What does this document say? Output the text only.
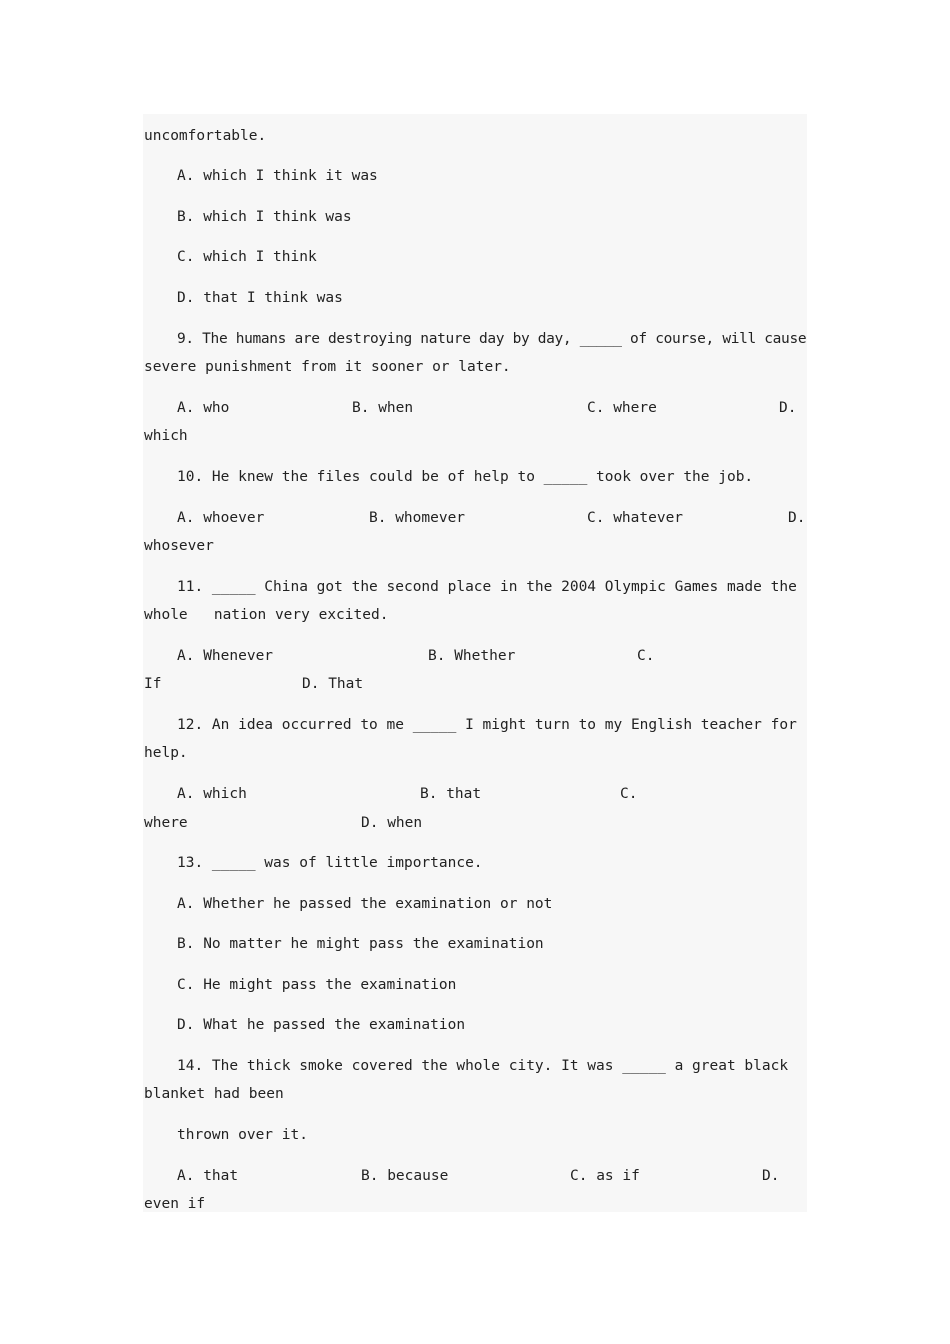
uncomfortable.

A. which I think it was

B. which I think was

C. which I think

D. that I think was

9. The humans are destroying nature day by day, _____ of course, will cause

severe punishment from it sooner or later.

A. who	B. when	C. where	D.

which

10. He knew the files could be of help to _____ took over the job.

A. whoever	B. whomever	C. whatever	D.

whosever

11. _____ China got the second place in the 2004 Olympic Games made the

whole   nation very excited.

A. Whenever	B. Whether	C.

If	D. That

12. An idea occurred to me _____ I might turn to my English teacher for

help.

A. which	B. that	C.

where	D. when

13. _____ was of little importance.

A. Whether he passed the examination or not

B. No matter he might pass the examination

C. He might pass the examination

D. What he passed the examination

14. The thick smoke covered the whole city. It was _____ a great black

blanket had been

thrown over it.

A. that	B. because	C. as if	D.

even if
